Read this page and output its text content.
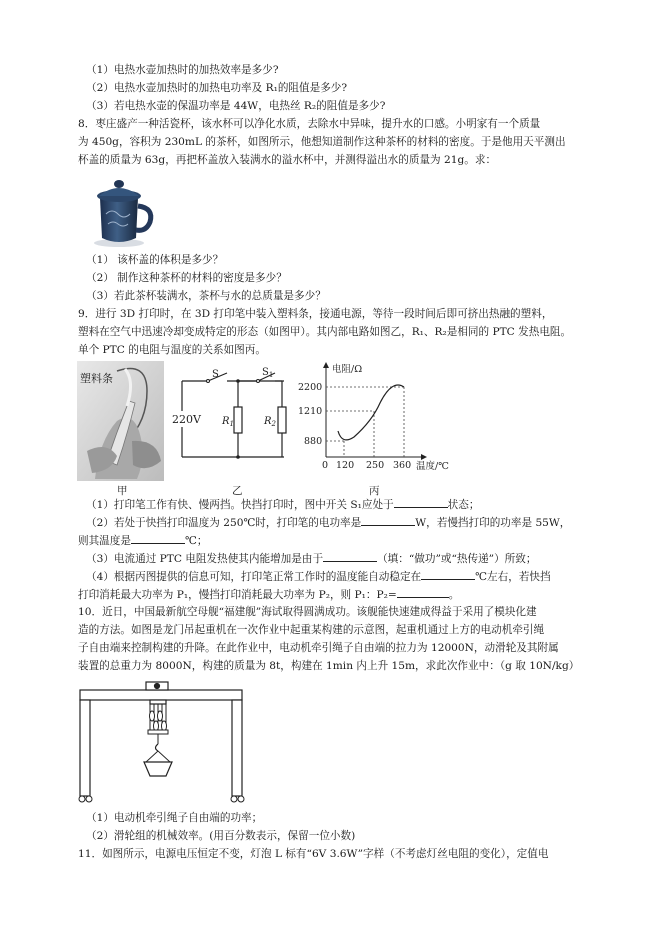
（1）电热水壶加热时的加热效率是多少?
（2）电热水壶加热时的加热电功率及 R₁的阻值是多少?
（3）若电热水壶的保温功率是 44W，电热丝 R₂的阻值是多少?
8．枣庄盛产一种活瓷杯，该水杯可以净化水质，去除水中异味，提升水的口感。小明家有一个质量
为 450g，容积为 230mL 的茶杯，如图所示，他想知道制作这种茶杯的材料的密度。于是他用天平测出
杯盖的质量为 63g，再把杯盖放入装满水的溢水杯中，并测得溢出水的质量为 21g。求：
（1） 该杯盖的体积是多少？
（2） 制作这种茶杯的材料的密度是多少？
（3）若此茶杯装满水，茶杯与水的总质量是多少？
9．进行 3D 打印时，在 3D 打印笔中装入塑料条，接通电源，等待一段时间后即可挤出热融的塑料，
塑料在空气中迅速冷却变成特定的形态（如图甲）。其内部电路如图乙，R₁、R₂是相同的 PTC 发热电阻。
单个 PTC 的电阻与温度的关系如图丙。
塑料条
甲
220V
S	$S_1$
$R_1$	$R_2$
乙
电阻/Ω
温度/℃
2200
1210
880
0 120 250 360
丙
（1）打印笔工作有快、慢两挡。快挡打印时，图中开关 S₁应处于	状态；
（2）若处于快挡打印温度为 250℃时，打印笔的电功率是	W，若慢挡打印的功率是 55W，
则其温度是	℃；
（3）电流通过 PTC 电阻发热使其内能增加是由于	（填：“做功”或“热传递”）所致；
（4）根据丙图提供的信息可知，打印笔正常工作时的温度能自动稳定在	℃左右，若快挡
打印消耗最大功率为 P₁，慢挡打印消耗最大功率为 P₂，则 P₁：P₂=	。
10．近日，中国最新航空母舰“福建舰”海试取得圆满成功。该舰能快速建成得益于采用了模块化建
造的方法。如图是龙门吊起重机在一次作业中起重某构建的示意图，起重机通过上方的电动机牵引绳
子自由端来控制构建的升降。在此作业中，电动机牵引绳子自由端的拉力为 12000N，动滑轮及其附属
装置的总重力为 8000N，构建的质量为 8t，构建在 1min 内上升 15m，求此次作业中：（g 取 10N/kg）
（1）电动机牵引绳子自由端的功率；
（2）滑轮组的机械效率。(用百分数表示，保留一位小数)
11．如图所示，电源电压恒定不变，灯泡 L 标有“6V 3.6W”字样（不考虑灯丝电阻的变化），定值电
